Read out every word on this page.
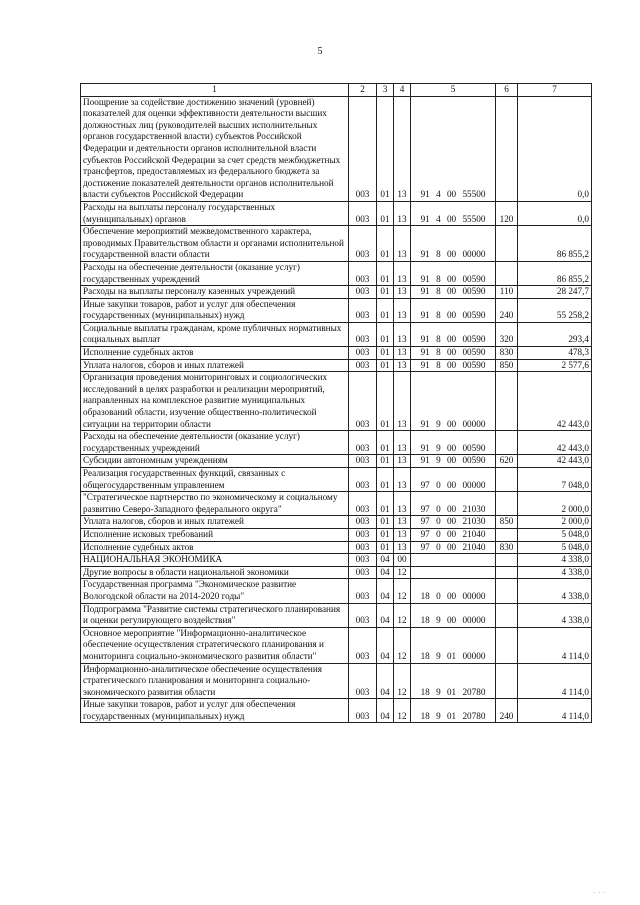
5
1	2	3	4	5	6	7
Поощрение за содействие достижению значений (уровней) показателей для оценки эффективности деятельности высших должностных лиц (руководителей высших исполнительных органов государственной власти) субъектов Российской Федерации и деятельности органов исполнительной власти субъектов Российской Федерации за счет средств межбюджетных трансфертов, предоставляемых из федерального бюджета за достижение показателей деятельности органов исполнительной власти субъектов Российской Федерации	003	01	13	91 4 00 55500		0,0
Расходы на выплаты персоналу государственных (муниципальных) органов	003	01	13	91 4 00 55500	120	0,0
Обеспечение мероприятий межведомственного характера, проводимых Правительством области и органами исполнительной государственной власти области	003	01	13	91 8 00 00000		86 855,2
Расходы на обеспечение деятельности (оказание услуг) государственных учреждений	003	01	13	91 8 00 00590		86 855,2
Расходы на выплаты персоналу казенных учреждений	003	01	13	91 8 00 00590	110	28 247,7
Иные закупки товаров, работ и услуг для обеспечения государственных (муниципальных) нужд	003	01	13	91 8 00 00590	240	55 258,2
Социальные выплаты гражданам, кроме публичных нормативных социальных выплат	003	01	13	91 8 00 00590	320	293,4
Исполнение судебных актов	003	01	13	91 8 00 00590	830	478,3
Уплата налогов, сборов и иных платежей	003	01	13	91 8 00 00590	850	2 577,6
Организация проведения мониторинговых и социологических исследований в целях разработки и реализации мероприятий, направленных на комплексное развитие муниципальных образований области, изучение общественно-политической ситуации на территории области	003	01	13	91 9 00 00000		42 443,0
Расходы на обеспечение деятельности (оказание услуг) государственных учреждений	003	01	13	91 9 00 00590		42 443,0
Субсидии автономным учреждениям	003	01	13	91 9 00 00590	620	42 443,0
Реализация государственных функций, связанных с общегосударственным управлением	003	01	13	97 0 00 00000		7 048,0
"Стратегическое партнерство по экономическому и социальному развитию Северо-Западного федерального округа"	003	01	13	97 0 00 21030		2 000,0
Уплата налогов, сборов и иных платежей	003	01	13	97 0 00 21030	850	2 000,0
Исполнение исковых требований	003	01	13	97 0 00 21040		5 048,0
Исполнение судебных актов	003	01	13	97 0 00 21040	830	5 048,0
НАЦИОНАЛЬНАЯ ЭКОНОМИКА	003	04	00			4 338,0
Другие вопросы в области национальной экономики	003	04	12			4 338,0
Государственная программа "Экономическое развитие Вологодской области на 2014-2020 годы"	003	04	12	18 0 00 00000		4 338,0
Подпрограмма "Развитие системы стратегического планирования и оценки регулирующего воздействия"	003	04	12	18 9 00 00000		4 338,0
Основное мероприятие "Информационно-аналитическое обеспечение осуществления стратегического планирования и мониторинга социально-экономического развития области"	003	04	12	18 9 01 00000		4 114,0
Информационно-аналитическое обеспечение осуществления стратегического планирования и мониторинга социально-экономического развития области	003	04	12	18 9 01 20780		4 114,0
Иные закупки товаров, работ и услуг для обеспечения государственных (муниципальных) нужд	003	04	12	18 9 01 20780	240	4 114,0
. . .
